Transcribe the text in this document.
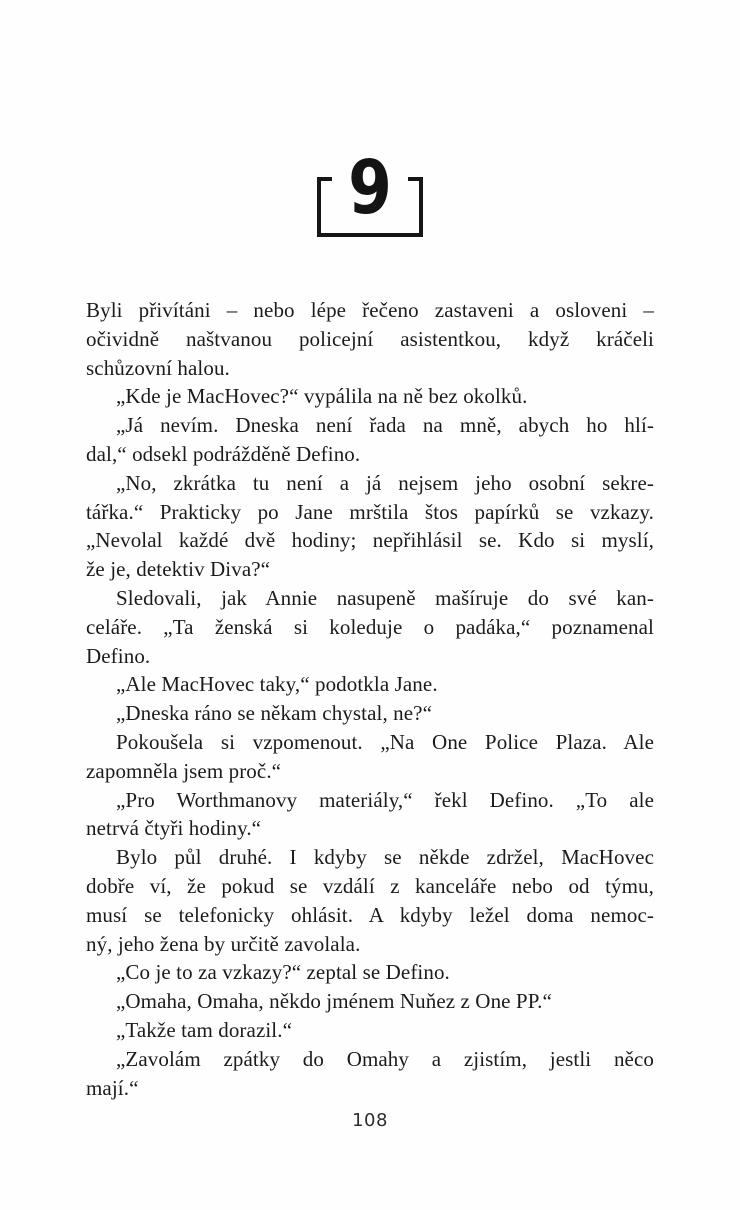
9

Byli přivítáni – nebo lépe řečeno zastaveni a osloveni –
očividně naštvanou policejní asistentkou, když kráčeli
schůzovní halou.

„Kde je MacHovec?“ vypálila na ně bez okolků.

„Já nevím. Dneska není řada na mně, abych ho hlí-
dal,“ odsekl podrážděně Defino.

„No, zkrátka tu není a já nejsem jeho osobní sekre-
tářka.“ Prakticky po Jane mrštila štos papírků se vzkazy.
„Nevolal každé dvě hodiny; nepřihlásil se. Kdo si myslí,
že je, detektiv Diva?“

Sledovali, jak Annie nasupeně mašíruje do své kan-
celáře. „Ta ženská si koleduje o padáka,“ poznamenal
Defino.

„Ale MacHovec taky,“ podotkla Jane.

„Dneska ráno se někam chystal, ne?“

Pokoušela si vzpomenout. „Na One Police Plaza. Ale
zapomněla jsem proč.“

„Pro Worthmanovy materiály,“ řekl Defino. „To ale
netrvá čtyři hodiny.“

Bylo půl druhé. I kdyby se někde zdržel, MacHovec
dobře ví, že pokud se vzdálí z kanceláře nebo od týmu,
musí se telefonicky ohlásit. A kdyby ležel doma nemoc-
ný, jeho žena by určitě zavolala.

„Co je to za vzkazy?“ zeptal se Defino.

„Omaha, Omaha, někdo jménem Nuňez z One PP.“

„Takže tam dorazil.“

„Zavolám zpátky do Omahy a zjistím, jestli něco
mají.“

108
